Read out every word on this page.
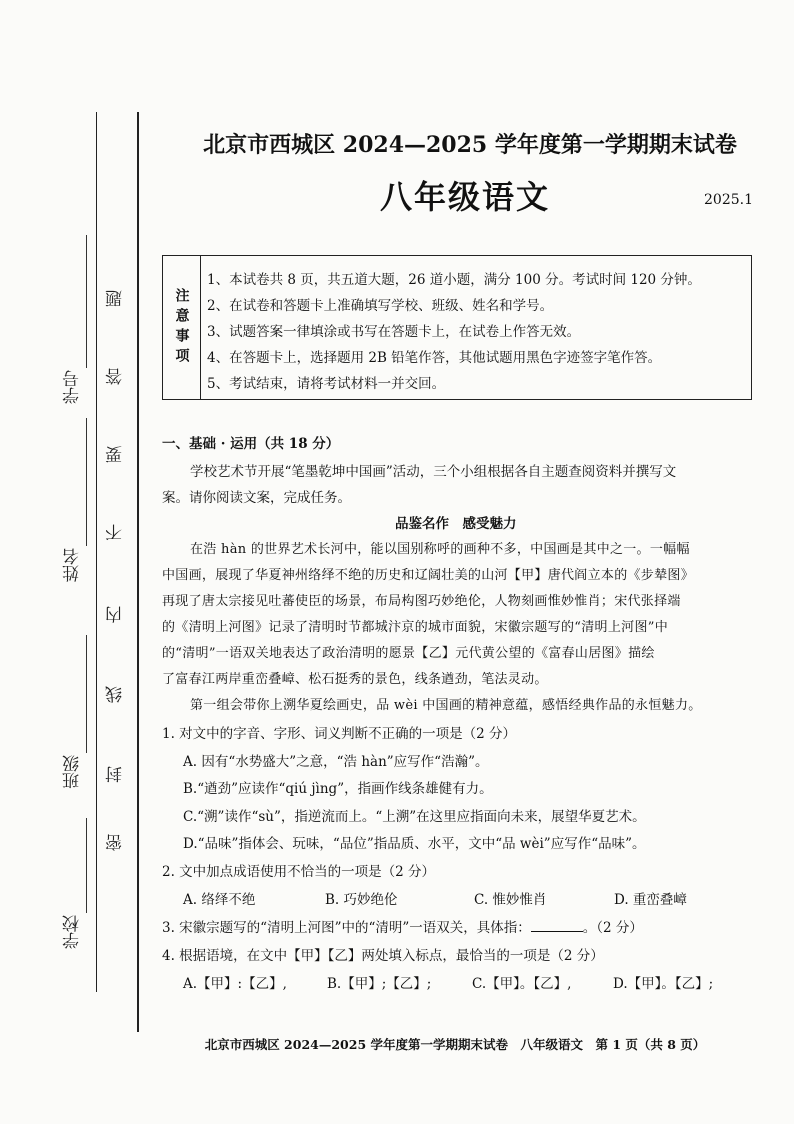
学校
班级
姓名
学号
密
封
线
内
不
要
答
题
北京市西城区 2024—2025 学年度第一学期期末试卷
八年级语文	2025.1
注意事项
1、本试卷共 8 页，共五道大题，26 道小题，满分 100 分。考试时间 120 分钟。
2、在试卷和答题卡上准确填写学校、班级、姓名和学号。
3、试题答案一律填涂或书写在答题卡上，在试卷上作答无效。
4、在答题卡上，选择题用 2B 铅笔作答，其他试题用黑色字迹签字笔作答。
5、考试结束，请将考试材料一并交回。
一、基础 · 运用（共 18 分）
学校艺术节开展“笔墨乾坤中国画”活动，三个小组根据各自主题查阅资料并撰写文
案。请你阅读文案，完成任务。
品鉴名作　感受魅力
在浩 hàn 的世界艺术长河中，能以国别称呼的画种不多，中国画是其中之一。一幅幅
中国画，展现了华夏神州络绎不绝的历史和辽阔壮美的山河【甲】唐代阎立本的《步辇图》
再现了唐太宗接见吐蕃使臣的场景，布局构图巧妙绝伦，人物刻画惟妙惟肖；宋代张择端
的《清明上河图》记录了清明时节都城汴京的城市面貌，宋徽宗题写的“清明上河图”中
的“清明”一语双关地表达了政治清明的愿景【乙】元代黄公望的《富春山居图》描绘
了富春江两岸重峦叠嶂、松石挺秀的景色，线条遒劲，笔法灵动。
第一组会带你上溯华夏绘画史，品 wèi 中国画的精神意蕴，感悟经典作品的永恒魅力。
1. 对文中的字音、字形、词义判断不正确的一项是（2 分）
A. 因有“水势盛大”之意，“浩 hàn”应写作“浩瀚”。
B.“遒劲”应读作“qiú jìng”，指画作线条雄健有力。
C.“溯”读作“sù”，指逆流而上。“上溯”在这里应指面向未来，展望华夏艺术。
D.“品味”指体会、玩味，“品位”指品质、水平，文中“品 wèi”应写作“品味”。
2. 文中加点成语使用不恰当的一项是（2 分）
A. 络绎不绝	B. 巧妙绝伦	C. 惟妙惟肖	D. 重峦叠嶂
3. 宋徽宗题写的“清明上河图”中的“清明”一语双关，具体指：	。（2 分）
4. 根据语境，在文中【甲】【乙】两处填入标点，最恰当的一项是（2 分）
A.【甲】:【乙】,	B.【甲】;【乙】;	C.【甲】。【乙】,	D.【甲】。【乙】;
北京市西城区 2024—2025 学年度第一学期期末试卷　八年级语文　第 1 页（共 8 页）
